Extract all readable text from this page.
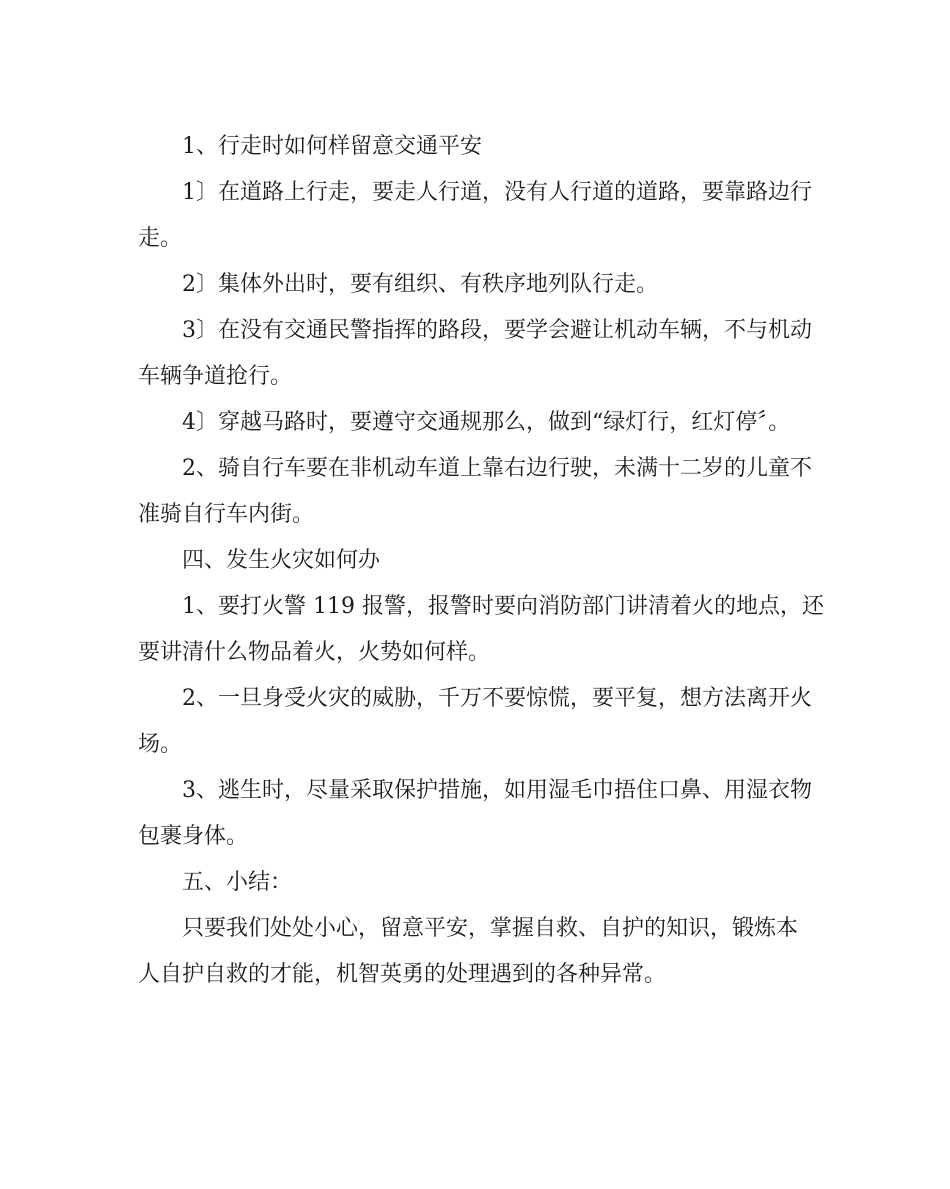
1、行走时如何样留意交通平安

1〕在道路上行走，要走人行道，没有人行道的道路，要靠路边行
走。

2〕集体外出时，要有组织、有秩序地列队行走。

3〕在没有交通民警指挥的路段，要学会避让机动车辆，不与机动
车辆争道抢行。

4〕穿越马路时，要遵守交通规那么，做到“绿灯行，红灯停〞。

2、骑自行车要在非机动车道上靠右边行驶，未满十二岁的儿童不
准骑自行车内街。

四、发生火灾如何办

1、要打火警 119 报警，报警时要向消防部门讲清着火的地点，还
要讲清什么物品着火，火势如何样。

2、一旦身受火灾的威胁，千万不要惊慌，要平复，想方法离开火
场。

3、逃生时，尽量采取保护措施，如用湿毛巾捂住口鼻、用湿衣物
包裹身体。

五、小结：

只要我们处处小心，留意平安，掌握自救、自护的知识，锻炼本
人自护自救的才能，机智英勇的处理遇到的各种异常。
